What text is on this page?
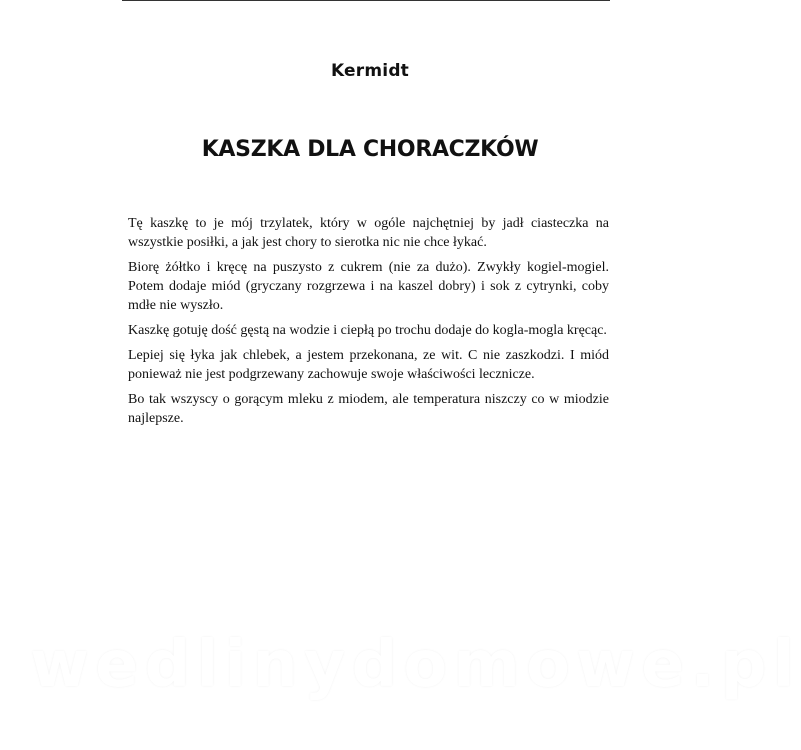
Kermidt
KASZKA DLA CHORACZKÓW

Tę kaszkę to je mój trzylatek, który w ogóle najchętniej by jadł ciasteczka na wszystkie posiłki, a jak jest chory to sierotka nic nie chce łykać.

Biorę żółtko i kręcę na puszysto z cukrem (nie za dużo). Zwykły kogiel-mogiel. Potem dodaje miód (gryczany rozgrzewa i na kaszel dobry) i sok z cytrynki, coby mdłe nie wyszło.

Kaszkę gotuję dość gęstą na wodzie i ciepłą po trochu dodaje do kogla-mogla kręcąc.

Lepiej się łyka jak chlebek, a jestem przekonana, ze wit. C nie zaszkodzi. I miód ponieważ nie jest podgrzewany zachowuje swoje właściwości lecznicze.

Bo tak wszyscy o gorącym mleku z miodem, ale temperatura niszczy co w miodzie najlepsze.

wedlinydomowe.pl
